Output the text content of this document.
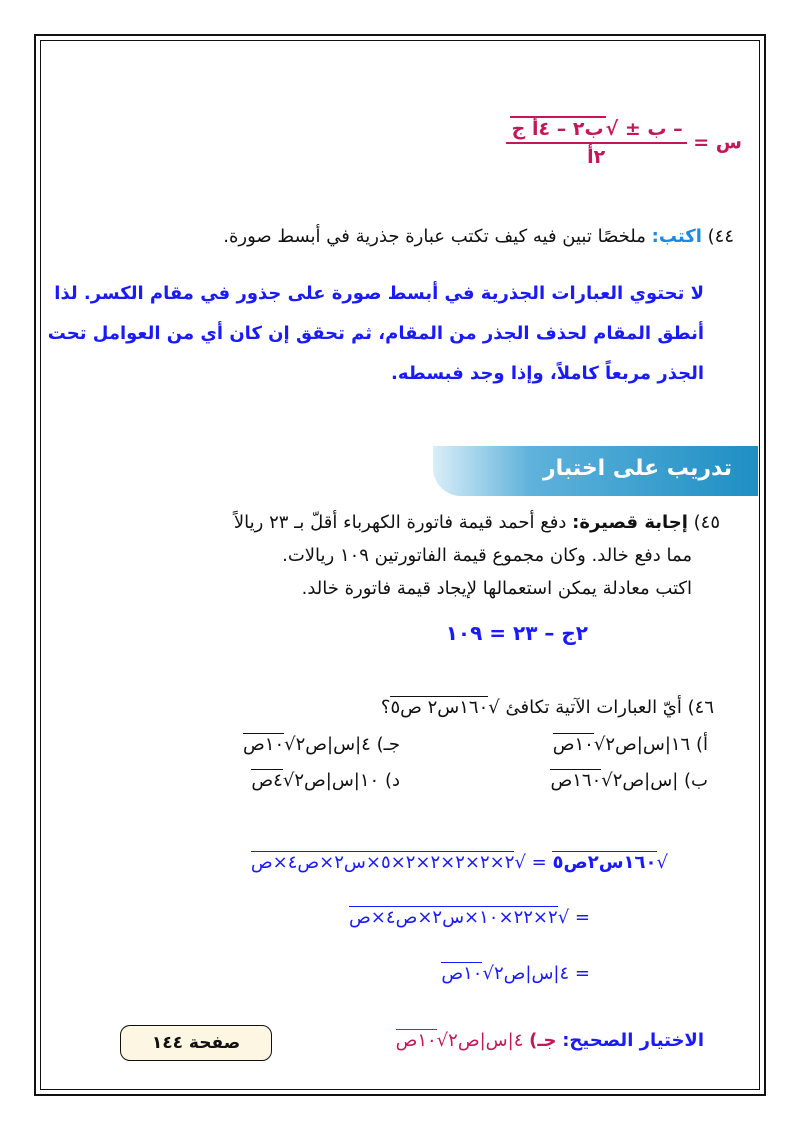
س =
$\frac{\text{– ب ± √ب٢ – ٤أ ج}}{\text{٢أ}}$
٤٤) اكتب: ملخصًا تبين فيه كيف تكتب عبارة جذرية في أبسط صورة.
لا تحتوي العبارات الجذرية في أبسط صورة على جذور في مقام الكسر. لذا
أنطق المقام لحذف الجذر من المقام، ثم تحقق إن كان أي من العوامل تحت
الجذر مربعاً كاملاً، وإذا وجد فبسطه.
تدريب على اختبار
٤٥) إجابة قصيرة: دفع أحمد قيمة فاتورة الكهرباء أقلّ بـ ٢٣ ريالاً
مما دفع خالد. وكان مجموع قيمة الفاتورتين ١٠٩ ريالات.
اكتب معادلة يمكن استعمالها لإيجاد قيمة فاتورة خالد.
٢ج – ٢٣ = ١٠٩
٤٦) أيّ العبارات الآتية تكافئ √١٦٠س٢ ص٥؟
أ) ١٦|س|ص٢√١٠ص
جـ) ٤|س|ص٢√١٠ص
ب) |س|ص٢√١٦٠ص
د) ١٠|س|ص٢√٤ص
√١٦٠س٢ص٥ = √٢×٢×٢×٢×٢×٥×س٢×ص٤×ص
= √٢×٢٢×١٠×س٢×ص٤×ص
= ٤|س|ص٢√١٠ص
الاختيار الصحيح: جـ) ٤|س|ص٢√١٠ص
صفحة ١٤٤
